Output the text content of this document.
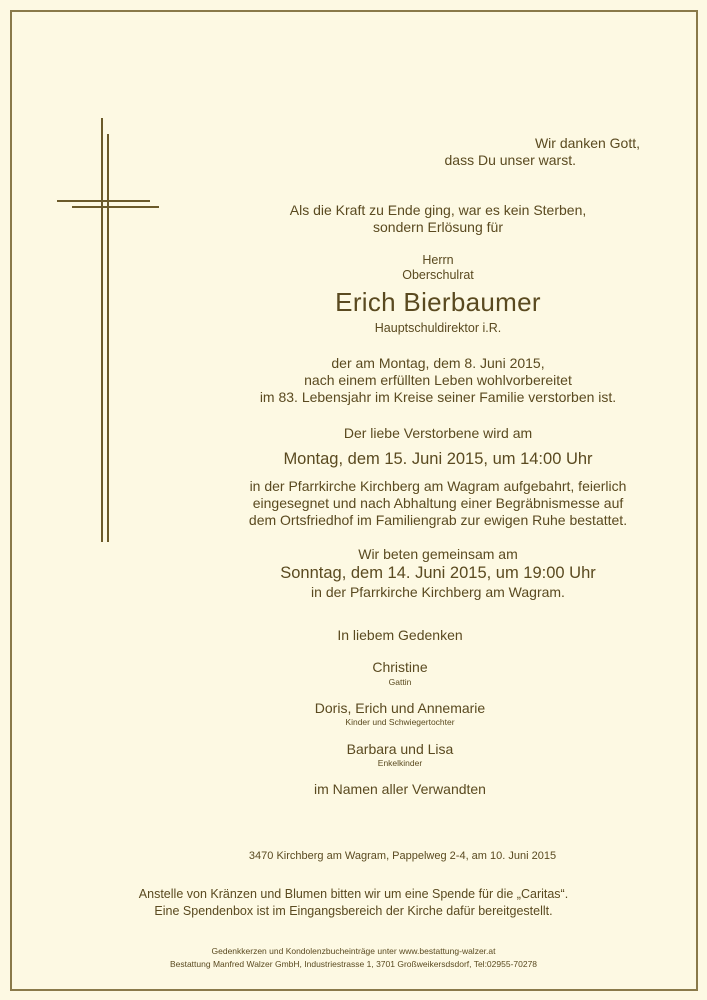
Wir danken Gott,
dass Du unser warst.
Als die Kraft zu Ende ging, war es kein Sterben,
sondern Erlösung für
Herrn
Oberschulrat
Erich Bierbaumer
Hauptschuldirektor i.R.
der am Montag, dem 8. Juni 2015,
nach einem erfüllten Leben wohlvorbereitet
im 83. Lebensjahr im Kreise seiner Familie verstorben ist.
Der liebe Verstorbene wird am
Montag, dem 15. Juni 2015, um 14:00 Uhr
in der Pfarrkirche Kirchberg am Wagram aufgebahrt, feierlich
eingesegnet und nach Abhaltung einer Begräbnismesse auf
dem Ortsfriedhof im Familiengrab zur ewigen Ruhe bestattet.
Wir beten gemeinsam am
Sonntag, dem 14. Juni 2015, um 19:00 Uhr
in der Pfarrkirche Kirchberg am Wagram.
In liebem Gedenken
Christine
Gattin
Doris, Erich und Annemarie
Kinder und Schwiegertochter
Barbara und Lisa
Enkelkinder
im Namen aller Verwandten
3470 Kirchberg am Wagram, Pappelweg 2-4, am 10. Juni 2015
Anstelle von Kränzen und Blumen bitten wir um eine Spende für die „Caritas“.
Eine Spendenbox ist im Eingangsbereich der Kirche dafür bereitgestellt.
Gedenkkerzen und Kondolenzbucheinträge unter www.bestattung-walzer.at
Bestattung Manfred Walzer GmbH, Industriestrasse 1, 3701 Großweikersdsdorf, Tel:02955-70278
